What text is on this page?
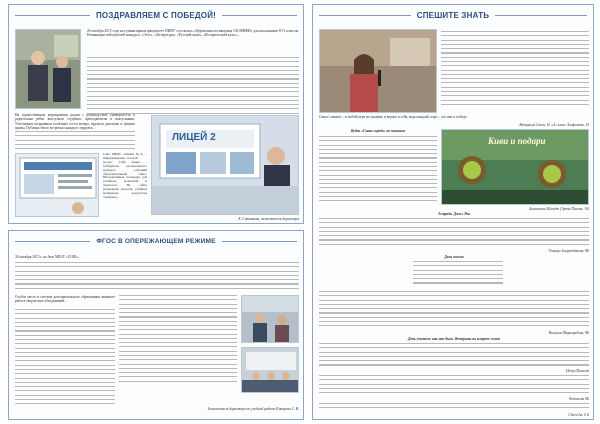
ПОЗДРАВЛЯЕМ С ПОБЕДОЙ!
26 октября 2015 года на гуманитарном факультете НИЯУ состоялась «Церемония посвящения 100 МИФИ» для школьников 8-11 классов. Номинации победителей конкурса: «Эссе», «Литература», «Русский язык», «Истоpический класс»...
На торжественном мероприятии рядом с руководством университета и родителями ребят выступали студенты, преподаватели и выпускники. Участников поздравили почётные гости вечера, вручили дипломы и ценные призы. Публика тепло встречала каждого лауреата...
Сайт МБОУ «Лицей №2» – информационно-сетевой ресурс. Сайт лицея – победитель регионального конкурса «Лучший образовательный сайт». Интерактивная площадка для учеников, родителей и педагогов. На сайте размещены новости, учебные материалы, результаты олимпиад...
ЛИЦЕЙ 2
Е. Ситникова, заместитель директора
ФГОС В ОПЕРЕЖАЮЩЕМ РЕЖИМЕ
30 октября 2015 г. на базе МБОУ «СОШ»...
Особое место в системе дополнительного образования занимает работа творческих объединений...
Заместитель директора по учебной работе Кикарова С. В.
СПЕШИТЕ ЗНАТЬ
Самое главное – в любой игре не унывать и верить в себя, ведь каждый старт – это шаг к победе.
Ватрушев Саша, 10 «А» класс Агафонова, 10
Киви и подари
Кубок «Главы города» по шашкам
Анастасия Шмидт (Эрика Пасова, 10)
Эстрада. Джаз. Рок
Эльвира Заирутдинова, 8Б
День поэзии
Валерия Шкраградова, 8Б
День учителя: как это было. Ветераны на встрече гостя
Пётр Шинелёв
Котенева 8Б
Сбоев Ан. 6 Б
